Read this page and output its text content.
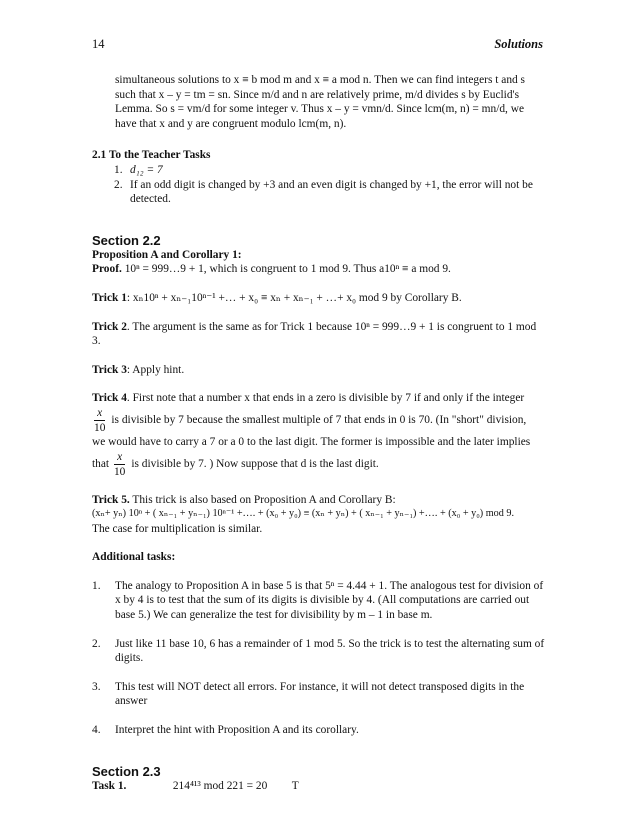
14	Solutions

simultaneous solutions to x ≡ b mod m and x ≡ a mod n. Then we can find integers t and s

such that x – y = tm = sn. Since m/d and n are relatively prime, m/d divides s by Euclid's

Lemma. So s = vm/d for some integer v. Thus x – y = vmn/d. Since lcm(m, n) = mn/d, we

have that x and y are congruent modulo lcm(m, n).

2.1 To the Teacher Tasks

1. d₁₂ = 7
2. If an odd digit is changed by +3 and an even digit is changed by +1, the error will not be detected.

Section 2.2

Proposition A and Corollary 1:

Proof. 10ⁿ = 999…9 + 1, which is congruent to 1 mod 9. Thus a10ⁿ ≡ a mod 9.

Trick 1: xₙ10ⁿ + xₙ₋₁10ⁿ⁻¹ +… + x₀ ≡ xₙ + xₙ₋₁ + …+ x₀ mod 9 by Corollary B.

Trick 2. The argument is the same as for Trick 1 because 10ⁿ = 999…9 + 1 is congruent to 1 mod 3.

Trick 3: Apply hint.

Trick 4. First note that a number x that ends in a zero is divisible by 7 if and only if the integer

$\frac{x}{10}$ is divisible by 7 because the smallest multiple of 7 that ends in 0 is 70. (In "short" division,

we would have to carry a 7 or a 0 to the last digit. The former is impossible and the later implies

that $\frac{x}{10}$ is divisible by 7. ) Now suppose that d is the last digit.

Trick 5. This trick is also based on Proposition A and Corollary B:

(xₙ+ yₙ) 10ⁿ + ( xₙ₋₁ + yₙ₋₁) 10ⁿ⁻¹ +…. + (x₀ + y₀) ≡ (xₙ + yₙ) + ( xₙ₋₁ + yₙ₋₁) +…. + (x₀ + y₀) mod 9.

The case for multiplication is similar.

Additional tasks:

1. The analogy to Proposition A in base 5 is that 5ⁿ = 4.44 + 1. The analogous test for division of x by 4 is to test that the sum of its digits is divisible by 4. (All computations are carried out base 5.) We can generalize the test for divisibility by m – 1 in base m.
2. Just like 11 base 10, 6 has a remainder of 1 mod 5. So the trick is to test the alternating sum of digits.
3. This test will NOT detect all errors. For instance, it will not detect transposed digits in the answer
4. Interpret the hint with Proposition A and its corollary.

Section 2.3

Task 1.	214⁴¹³ mod 221 = 20 T
